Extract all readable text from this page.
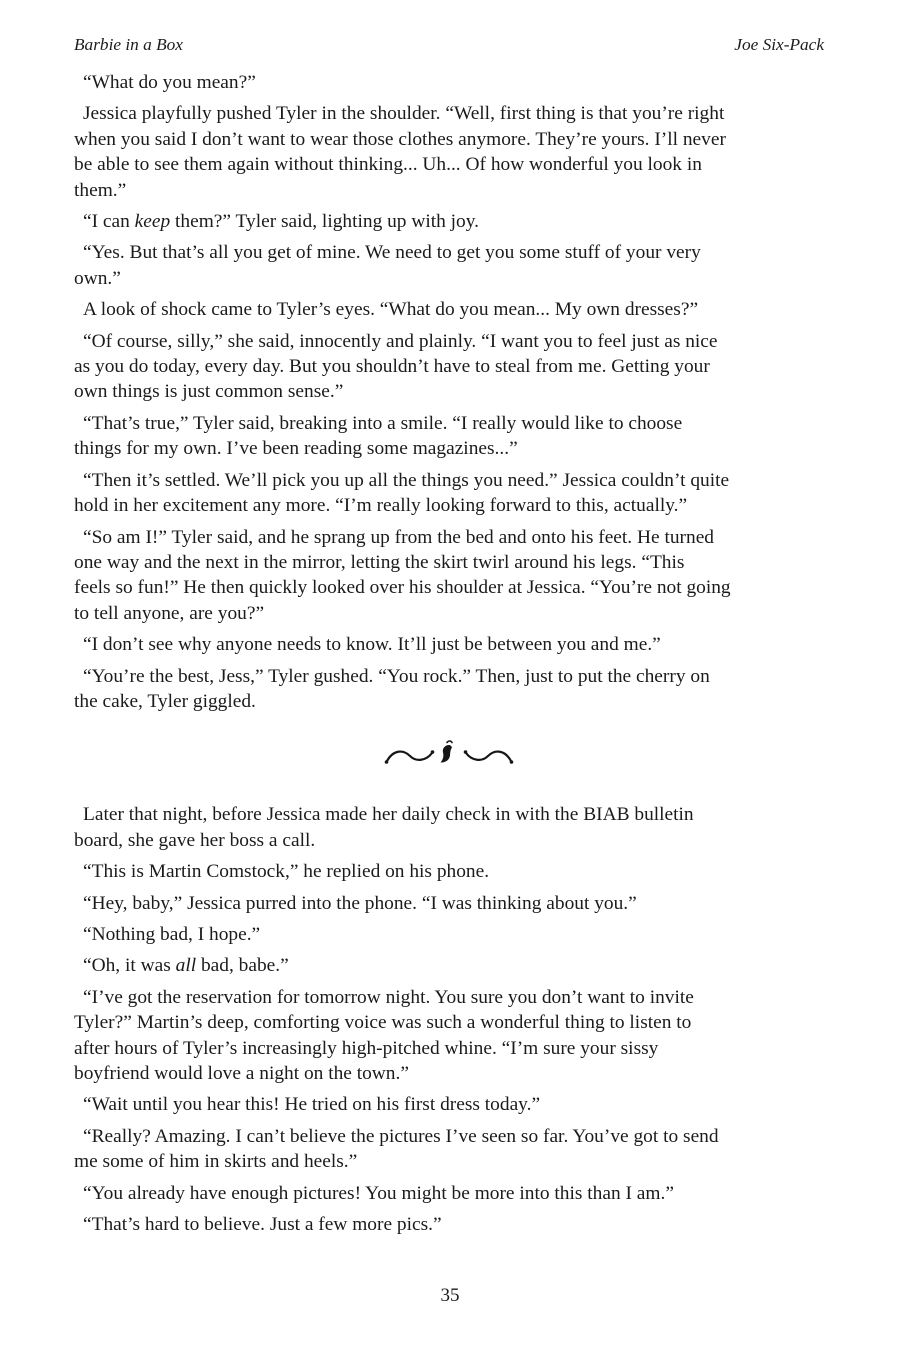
Barbie in a Box	Joe Six-Pack

“What do you mean?”

Jessica playfully pushed Tyler in the shoulder. “Well, first thing is that you’re right
when you said I don’t want to wear those clothes anymore. They’re yours. I’ll never
be able to see them again without thinking... Uh... Of how wonderful you look in
them.”

“I can keep them?” Tyler said, lighting up with joy.

“Yes. But that’s all you get of mine. We need to get you some stuff of your very
own.”

A look of shock came to Tyler’s eyes. “What do you mean... My own dresses?”

“Of course, silly,” she said, innocently and plainly. “I want you to feel just as nice
as you do today, every day. But you shouldn’t have to steal from me. Getting your
own things is just common sense.”

“That’s true,” Tyler said, breaking into a smile. “I really would like to choose
things for my own. I’ve been reading some magazines...”

“Then it’s settled. We’ll pick you up all the things you need.” Jessica couldn’t quite
hold in her excitement any more. “I’m really looking forward to this, actually.”

“So am I!” Tyler said, and he sprang up from the bed and onto his feet. He turned
one way and the next in the mirror, letting the skirt twirl around his legs. “This
feels so fun!” He then quickly looked over his shoulder at Jessica. “You’re not going
to tell anyone, are you?”

“I don’t see why anyone needs to know. It’ll just be between you and me.”

“You’re the best, Jess,” Tyler gushed. “You rock.” Then, just to put the cherry on
the cake, Tyler giggled.

Later that night, before Jessica made her daily check in with the BIAB bulletin
board, she gave her boss a call.

“This is Martin Comstock,” he replied on his phone.

“Hey, baby,” Jessica purred into the phone. “I was thinking about you.”

“Nothing bad, I hope.”

“Oh, it was all bad, babe.”

“I’ve got the reservation for tomorrow night. You sure you don’t want to invite
Tyler?” Martin’s deep, comforting voice was such a wonderful thing to listen to
after hours of Tyler’s increasingly high-pitched whine. “I’m sure your sissy
boyfriend would love a night on the town.”

“Wait until you hear this! He tried on his first dress today.”

“Really? Amazing. I can’t believe the pictures I’ve seen so far. You’ve got to send
me some of him in skirts and heels.”

“You already have enough pictures! You might be more into this than I am.”

“That’s hard to believe. Just a few more pics.”

35
